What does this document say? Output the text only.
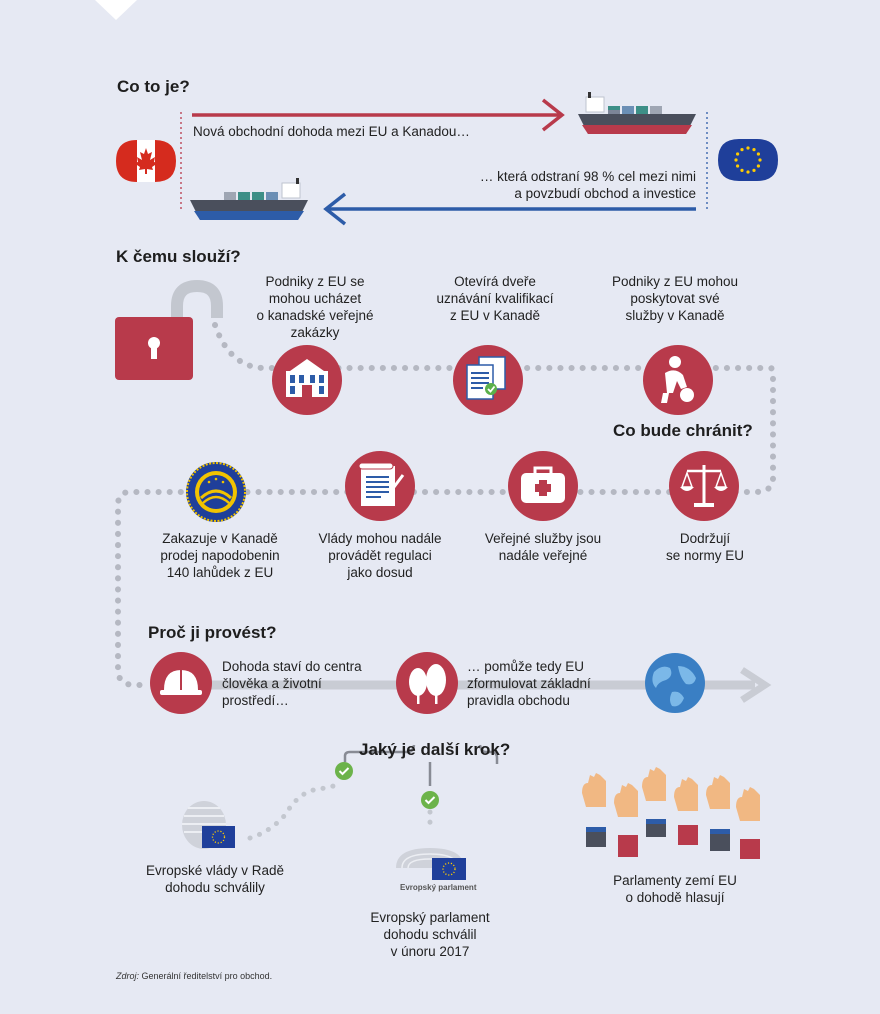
Co to je?
Nová obchodní dohoda mezi EU a Kanadou…
… která odstraní 98 % cel mezi nimi
a povzbudí obchod a investice
K čemu slouží?
Podniky z EU se
mohou ucházet
o kanadské veřejné
zakázky
Otevírá dveře
uznávání kvalifikací
z EU v Kanadě
Podniky z EU mohou
poskytovat své
služby v Kanadě
Co bude chránit?
Zakazuje v Kanadě
prodej napodobenin
140 lahůdek z EU
Vlády mohou nadále
provádět regulaci
jako dosud
Veřejné služby jsou
nadále veřejné
Dodržují
se normy EU
Proč ji provést?
Dohoda staví do centra
člověka a životní
prostředí…
… pomůže tedy EU
zformulovat základní
pravidla obchodu
Jaký je další krok?
Evropské vlády v Radě
dohodu schválily	Evropský parlament
Evropský parlament
dohodu schválil
v únoru 2017
Parlamenty zemí EU
o dohodě hlasují
Zdroj: Generální ředitelství pro obchod.
